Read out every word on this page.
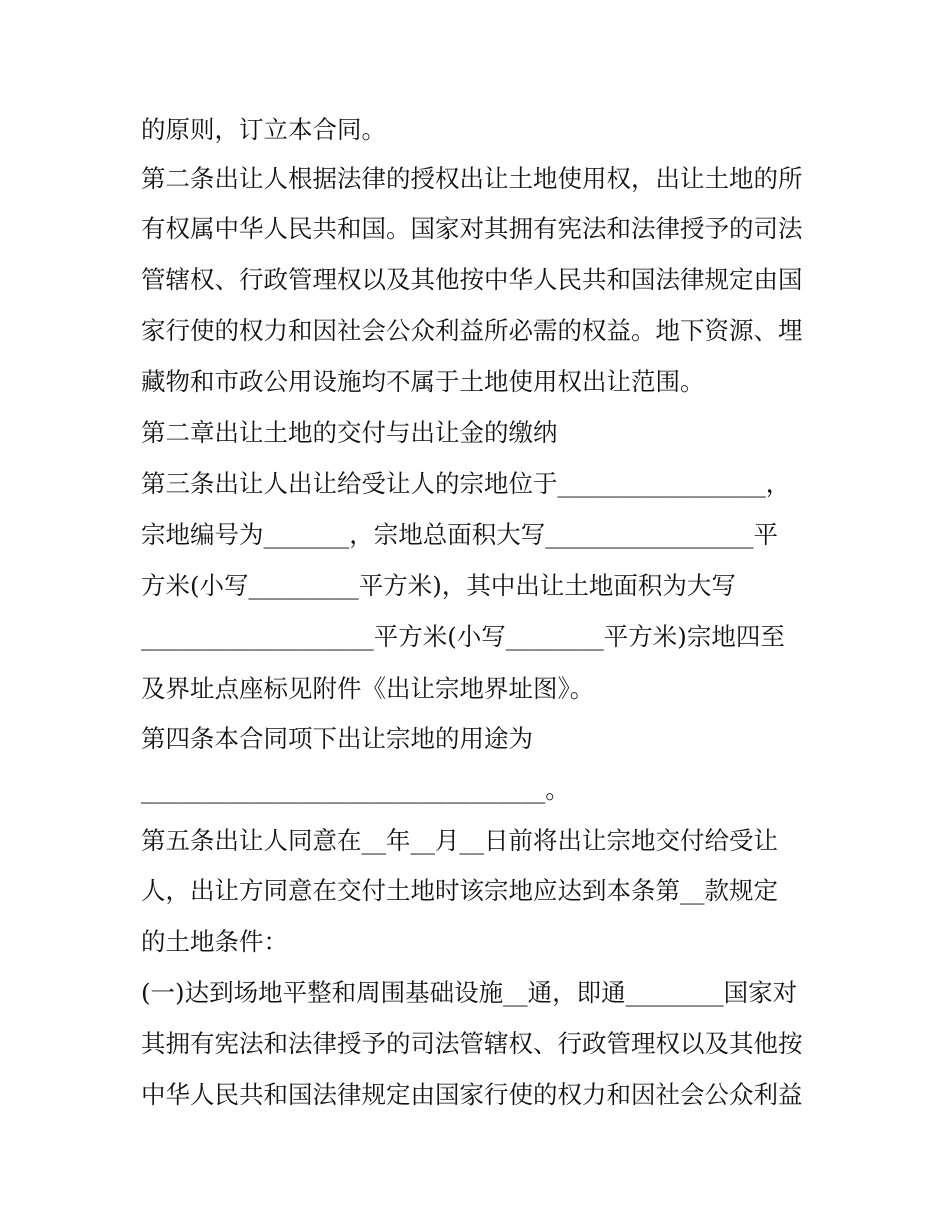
的原则，订立本合同。

第二条出让人根据法律的授权出让土地使用权，出让土地的所

有权属中华人民共和国。国家对其拥有宪法和法律授予的司法

管辖权、行政管理权以及其他按中华人民共和国法律规定由国

家行使的权力和因社会公众利益所必需的权益。地下资源、埋

藏物和市政公用设施均不属于土地使用权出让范围。

第二章出让土地的交付与出让金的缴纳

第三条出让人出让给受让人的宗地位于_________________，

宗地编号为_______，宗地总面积大写_________________平

方米(小写_________平方米)，其中出让土地面积为大写

___________________平方米(小写________平方米)宗地四至

及界址点座标见附件《出让宗地界址图》。

第四条本合同项下出让宗地的用途为

_________________________________。

第五条出让人同意在__年__月__日前将出让宗地交付给受让

人，出让方同意在交付土地时该宗地应达到本条第__款规定

的土地条件：

(一)达到场地平整和周围基础设施__通，即通________国家对

其拥有宪法和法律授予的司法管辖权、行政管理权以及其他按

中华人民共和国法律规定由国家行使的权力和因社会公众利益
